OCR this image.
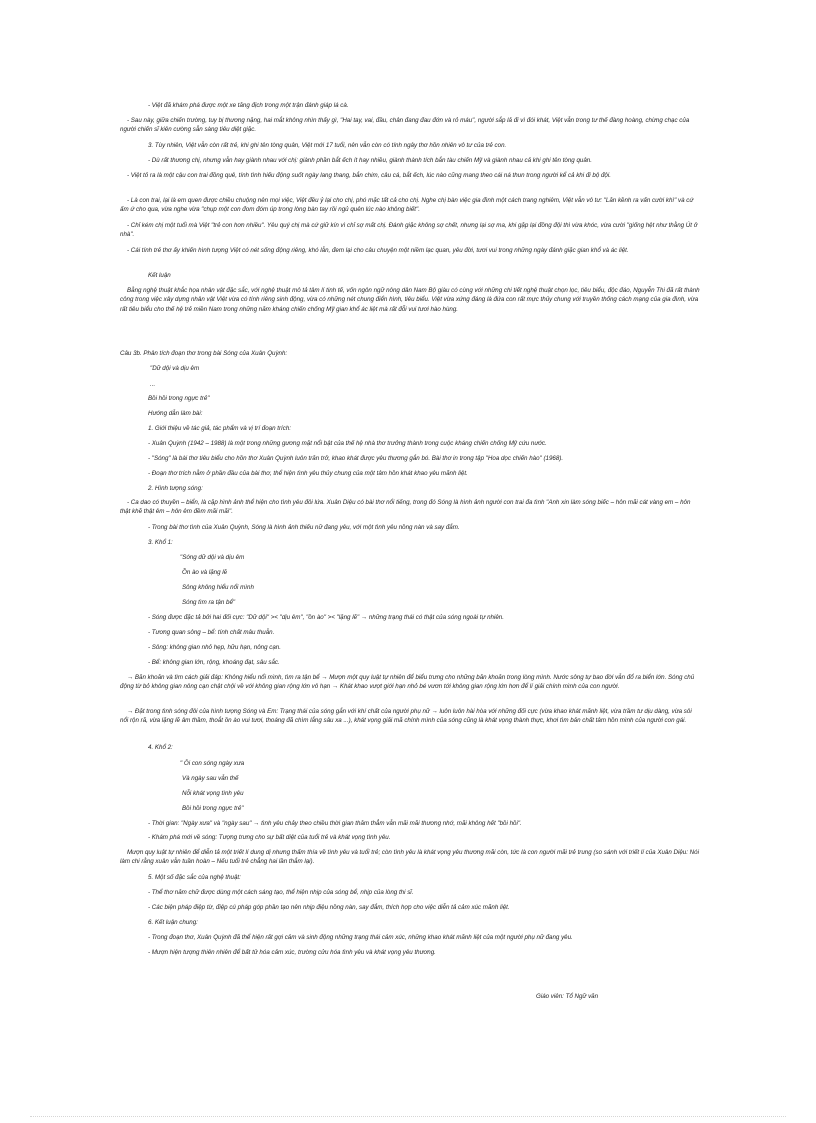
- Việt đã khám phá được một xe tăng địch trong một trận đánh giáp lá cà.

- Sau này, giữa chiến trường, tuy bị thương nặng, hai mắt không nhìn thấy gì, "Hai tay, vai, đầu, chân đang đau đớn và rỏ máu", người sắp lả đi vì đói khát, Việt vẫn trong tư thế đàng hoàng, chừng chạc của người chiến sĩ kiên cường sẵn sàng tiêu diệt giặc.

3. Tùy nhiên, Việt vẫn còn rất trẻ, khi ghi tên tòng quân, Việt mới 17 tuổi, nên vẫn còn có tính ngây thơ hồn nhiên vô tư của trẻ con.

- Dù rất thương chị, nhưng vẫn hay giành nhau với chị: giành phần bắt ếch ít hay nhiều, giành thành tích bắn tàu chiến Mỹ và giành nhau cả khi ghi tên tòng quân.

- Việt tỏ ra là một cậu con trai đồng quê, tính tình hiếu động suốt ngày lang thang, bắn chim, câu cá, bắt ếch, lúc nào cũng mang theo cái ná thun trong người kể cả khi đi bộ đội.

- Là con trai, lại là em quen được chiều chuộng nên mọi việc, Việt đều ỷ lại cho chị, phó mặc tất cả cho chị. Nghe chị bàn việc gia đình một cách trang nghiêm, Việt vẫn vô tư: "Lăn kềnh ra vấn cười khì" và cứ ấm ứ cho qua, vừa nghe vừa "chụp một con đom đóm úp trong lòng bàn tay rồi ngủ quên lúc nào không biết".

- Chỉ kém chị một tuổi mà Việt "trẻ con hơn nhiều". Yêu quý chị mà cứ giữ kín vì chỉ sợ mất chị. Đánh giặc không sợ chết, nhưng lại sợ ma, khi gặp lại đồng đội thì vừa khóc, vừa cười "giống hệt như thằng Út ở nhà".

- Cái tính trẻ thơ ấy khiến hình tượng Việt có nét sống động riêng, khó lẫn, đem lại cho câu chuyện một niềm lạc quan, yêu đời, tươi vui trong những ngày đánh giặc gian khổ và ác liệt.

Kết luận

Bằng nghệ thuật khắc họa nhân vật đặc sắc, với nghệ thuật mô tả tâm lí tinh tế, vốn ngôn ngữ nông dân Nam Bộ giàu có cùng với những chi tiết nghệ thuật chọn lọc, tiêu biểu, độc đáo, Nguyễn Thi đã rất thành công trong việc xây dựng nhân vật Việt vừa có tính riêng sinh động, vừa có những nét chung điển hình, tiêu biểu. Việt vừa xứng đáng là đứa con rất mực thủy chung với truyền thống cách mạng của gia đình, vừa rất tiêu biểu cho thế hệ trẻ miền Nam trong những năm kháng chiến chống Mỹ gian khổ ác liệt mà rất đỗi vui tươi hào hùng.

Câu 3b. Phân tích đoạn thơ trong bài Sóng của Xuân Quỳnh:

"Dữ dội và dịu êm

...

Bồi hồi trong ngực trẻ"

Hướng dẫn làm bài:

1. Giới thiệu về tác giả, tác phẩm và vị trí đoạn trích:

- Xuân Quỳnh (1942 – 1988) là một trong những gương mặt nổi bật của thế hệ nhà thơ trưởng thành trong cuộc kháng chiến chống Mỹ cứu nước.

- "Sóng" là bài thơ tiêu biểu cho hồn thơ Xuân Quỳnh luôn trăn trở, khao khát được yêu thương gắn bó. Bài thơ in trong tập "Hoa dọc chiến hào" (1968).

- Đoạn thơ trích nằm ở phần đầu của bài thơ, thể hiện tình yêu thủy chung của một tâm hồn khát khao yêu mãnh liệt.

2. Hình tượng sóng:

- Ca dao có thuyền – biển, là cặp hình ảnh thể hiện cho tình yêu đôi lứa. Xuân Diệu có bài thơ nổi tiếng, trong đó Sóng là hình ảnh người con trai đa tình "Anh xin làm sóng biếc – hôn mãi cát vàng em – hôn thật khẽ thật êm – hôn êm đềm mãi mãi".

- Trong bài thơ tình của Xuân Quỳnh, Sóng là hình ảnh thiếu nữ đang yêu, với một tình yêu nồng nàn và say đắm.

3. Khổ 1:

"Sóng dữ dội và dịu êm

Ồn ào và lặng lẽ

Sông không hiểu nổi mình

Sóng tìm ra tận bể"

- Sóng được đặc tả bởi hai đối cực: "Dữ dội" >< "dịu êm", "ồn ào" >< "lặng lẽ" → những trạng thái có thật của sóng ngoài tự nhiên.

- Tương quan sông – bể: tính chất mâu thuẫn.

- Sông: không gian nhỏ hẹp, hữu hạn, nông cạn.

- Bể: không gian lớn, rộng, khoáng đạt, sâu sắc.

→ Băn khoăn và tìm cách giải đáp: Không hiểu nổi mình, tìm ra tận bể → Mượn một quy luật tự nhiên để biểu trưng cho những băn khoăn trong lòng mình. Nước sông tự bao đời vẫn đổ ra biển lớn. Sóng chủ động từ bỏ không gian nông cạn chật chội về với không gian rộng lớn vô hạn → Khát khao vượt giới hạn nhỏ bé vươn tới không gian rộng lớn hơn để lí giải chính mình của con người.

→ Đặt trong tình sóng đôi của hình tượng Sóng và Em: Trạng thái của sóng gắn với khí chất của người phụ nữ → luôn luôn hài hòa với những đối cực (vừa khao khát mãnh liệt, vừa trầm tư dịu dàng, vừa sôi nổi rộn rã, vừa lặng lẽ âm thầm, thoắt ồn ào vui tươi, thoáng đã chìm lắng sâu xa ...), khát vọng giải mã chính mình của sóng cũng là khát vọng thành thực, khơi tìm bản chất tâm hồn mình của người con gái.

4. Khổ 2:

" Ôi con sóng ngày xưa

Và ngày sau vẫn thế

Nỗi khát vọng tình yêu

Bồi hồi trong ngực trẻ"

- Thời gian: "Ngày xưa" và "ngày sau" → tình yêu chảy theo chiều thời gian thăm thẳm vẫn mãi mãi thương nhớ, mãi không hết "bồi hồi".

- Khám phá mới về sóng: Tượng trưng cho sự bất diệt của tuổi trẻ và khát vọng tình yêu.

Mượn quy luật tự nhiên để diễn tả một triết lí dung dị nhưng thấm thía về tình yêu và tuổi trẻ; còn tình yêu là khát vọng yêu thương mãi còn, tức là con người mãi trẻ trung (so sánh với triết lí của Xuân Diệu: Nói làm chi rằng xuân vẫn tuần hoàn – Nếu tuổi trẻ chẳng hai lần thắm lại).

5. Một số đặc sắc của nghệ thuật:

- Thể thơ năm chữ được dùng một cách sáng tạo, thể hiện nhịp của sóng bể, nhịp của lòng thi sĩ.

- Các biện pháp điệp từ, điệp cú pháp góp phần tạo nên nhịp điệu nồng nàn, say đắm, thích hợp cho việc diễn tả cảm xúc mãnh liệt.

6. Kết luận chung:

- Trong đoạn thơ, Xuân Quỳnh đã thể hiện rất gợi cảm và sinh động những trạng thái cảm xúc, những khao khát mãnh liệt của một người phụ nữ đang yêu.

- Mượn hiện tượng thiên nhiên để bất tử hóa cảm xúc, trường cửu hóa tình yêu và khát vọng yêu thương.

Giáo viên: Tổ Ngữ văn
